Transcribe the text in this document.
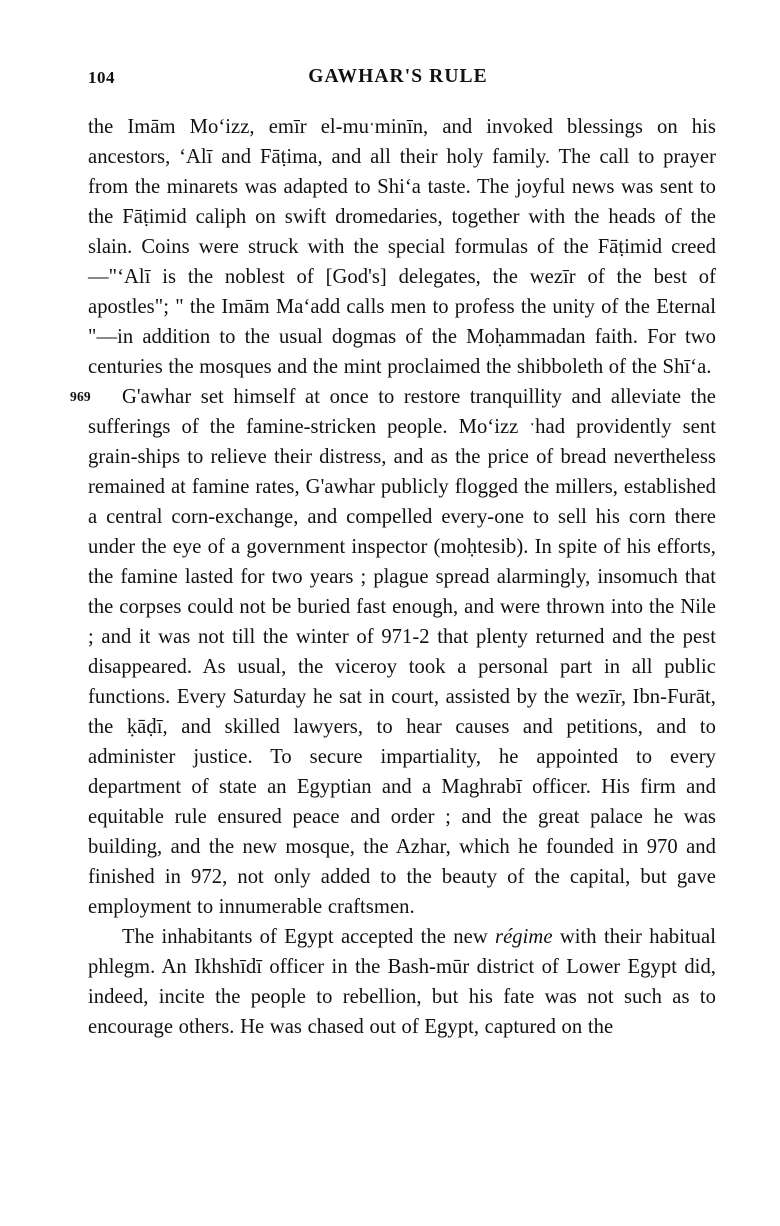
104	GAWHAR'S RULE

the Imām Moʻizz, emīr el-muˑminīn, and invoked blessings on his ancestors, ʻAlī and Fāṭima, and all their holy family. The call to prayer from the minarets was adapted to Shiʻa taste. The joyful news was sent to the Fāṭimid caliph on swift dromedaries, together with the heads of the slain. Coins were struck with the special formulas of the Fāṭimid creed—"‘Alī is the noblest of [God's] delegates, the wezīr of the best of apostles"; " the Imām Maʻadd calls men to profess the unity of the Eternal "—in addition to the usual dogmas of the Moḥammadan faith. For two centuries the mosques and the mint proclaimed the shibboleth of the Shīʻa.

969 G'awhar set himself at once to restore tranquillity and alleviate the sufferings of the famine-stricken people. Moʻizz ˑhad providently sent grain-ships to relieve their distress, and as the price of bread nevertheless remained at famine rates, G'awhar publicly flogged the millers, established a central corn-exchange, and compelled every-one to sell his corn there under the eye of a government inspector (moḥtesib). In spite of his efforts, the famine lasted for two years ; plague spread alarmingly, insomuch that the corpses could not be buried fast enough, and were thrown into the Nile ; and it was not till the winter of 971-2 that plenty returned and the pest disappeared. As usual, the viceroy took a personal part in all public functions. Every Saturday he sat in court, assisted by the wezīr, Ibn-Furāt, the ḳāḍī, and skilled lawyers, to hear causes and petitions, and to administer justice. To secure impartiality, he appointed to every department of state an Egyptian and a Maghrabī officer. His firm and equitable rule ensured peace and order ; and the great palace he was building, and the new mosque, the Azhar, which he founded in 970 and finished in 972, not only added to the beauty of the capital, but gave employment to innumerable craftsmen.

The inhabitants of Egypt accepted the new régime with their habitual phlegm. An Ikhshīdī officer in the Bash-mūr district of Lower Egypt did, indeed, incite the people to rebellion, but his fate was not such as to encourage others. He was chased out of Egypt, captured on the
